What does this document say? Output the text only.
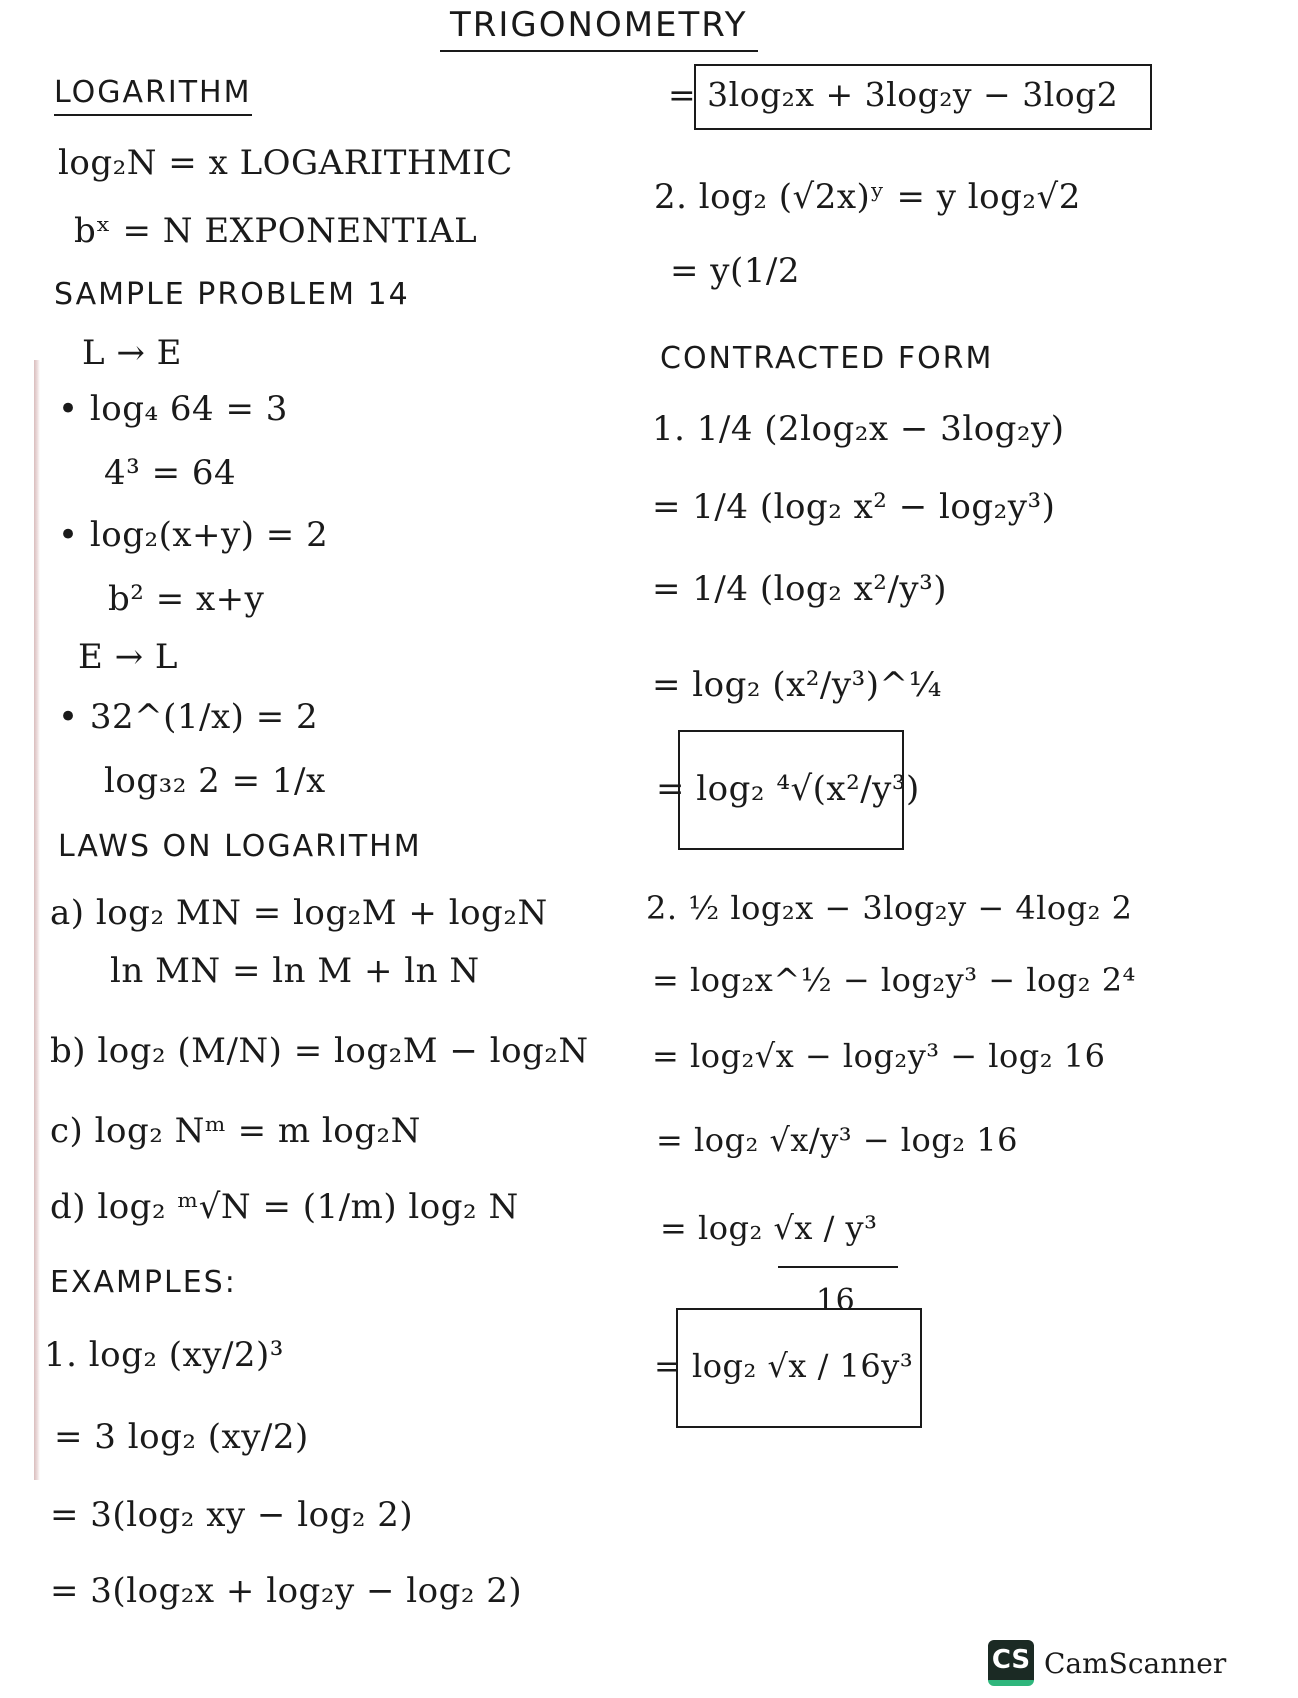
TRIGONOMETRY
LOGARITHM
log₂N = x LOGARITHMIC
bˣ = N EXPONENTIAL
SAMPLE PROBLEM 14
L → E
• log₄ 64 = 3
4³ = 64
• log₂(x+y) = 2
b² = x+y
E → L
• 32^(1/x) = 2
log₃₂ 2 = 1/x
LAWS ON LOGARITHM
a) log₂ MN = log₂M + log₂N
ln MN = ln M + ln N
b) log₂ (M/N) = log₂M − log₂N
c) log₂ Nᵐ = m log₂N
d) log₂ ᵐ√N = (1/m) log₂ N
EXAMPLES:
1. log₂ (xy/2)³
= 3 log₂ (xy/2)
= 3(log₂ xy − log₂ 2)
= 3(log₂x + log₂y − log₂ 2)
= 3log₂x + 3log₂y − 3log2
2. log₂ (√2x)ʸ = y log₂√2
= y(1/2
CONTRACTED FORM
1. 1/4 (2log₂x − 3log₂y)
= 1/4 (log₂ x² − log₂y³)
= 1/4 (log₂ x²/y³)
= log₂ (x²/y³)^¼
= log₂ ⁴√(x²/y³)
2. ½ log₂x − 3log₂y − 4log₂ 2
= log₂x^½ − log₂y³ − log₂ 2⁴
= log₂√x − log₂y³ − log₂ 16
= log₂ √x/y³ − log₂ 16
= log₂ √x / y³
16
= log₂ √x / 16y³
CS CamScanner
